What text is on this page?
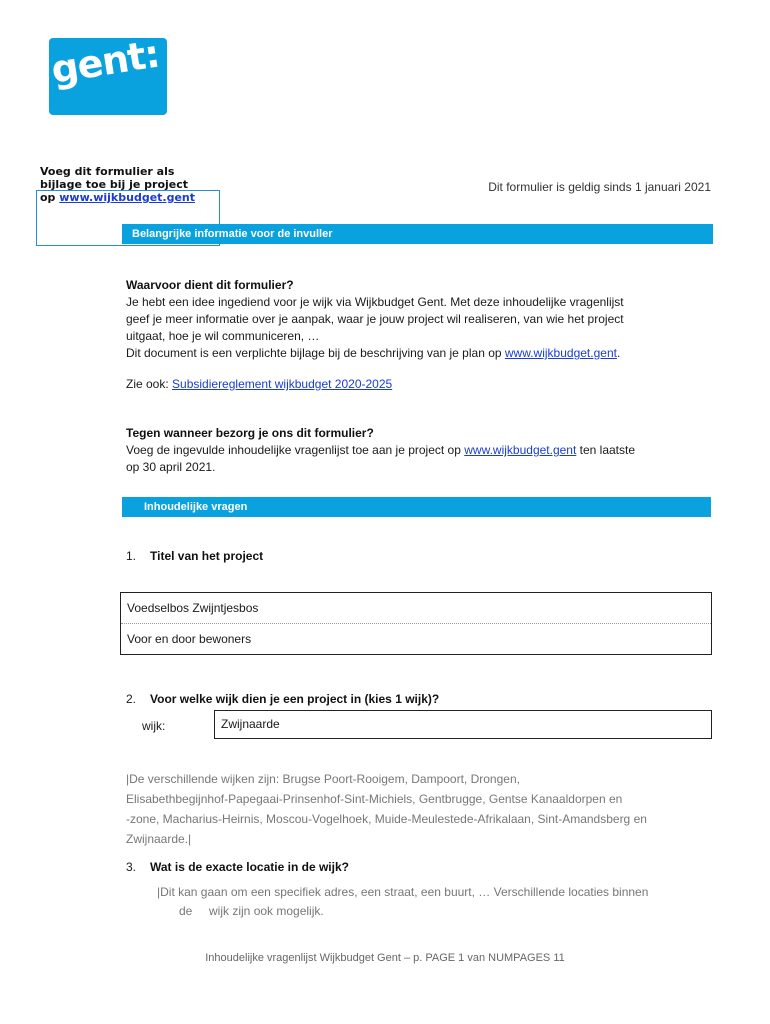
gent:
Voeg dit formulier als
bijlage toe bij je project
op www.wijkbudget.gent
Dit formulier is geldig sinds 1 januari 2021
Belangrijke informatie voor de invuller
Waarvoor dient dit formulier?
Je hebt een idee ingediend voor je wijk via Wijkbudget Gent. Met deze inhoudelijke vragenlijst
geef je meer informatie over je aanpak, waar je jouw project wil realiseren, van wie het project
uitgaat, hoe je wil communiceren, …
Dit document is een verplichte bijlage bij de beschrijving van je plan op www.wijkbudget.gent.
Zie ook: Subsidiereglement wijkbudget 2020-2025
Tegen wanneer bezorg je ons dit formulier?
Voeg de ingevulde inhoudelijke vragenlijst toe aan je project op www.wijkbudget.gent ten laatste
op 30 april 2021.
Inhoudelijke vragen
1. Titel van het project
Voedselbos Zwijntjesbos
Voor en door bewoners
2. Voor welke wijk dien je een project in (kies 1 wijk)?
wijk:	Zwijnaarde
|De verschillende wijken zijn: Brugse Poort-Rooigem, Dampoort, Drongen,
Elisabethbegijnhof-Papegaai-Prinsenhof-Sint-Michiels, Gentbrugge, Gentse Kanaaldorpen en
-zone, Macharius-Heirnis, Moscou-Vogelhoek, Muide-Meulestede-Afrikalaan, Sint-Amandsberg en
Zwijnaarde.|
3. Wat is de exacte locatie in de wijk?
|Dit kan gaan om een specifiek adres, een straat, een buurt, … Verschillende locaties binnen
de     wijk zijn ook mogelijk.
Inhoudelijke vragenlijst Wijkbudget Gent – p. PAGE 1 van NUMPAGES 11
